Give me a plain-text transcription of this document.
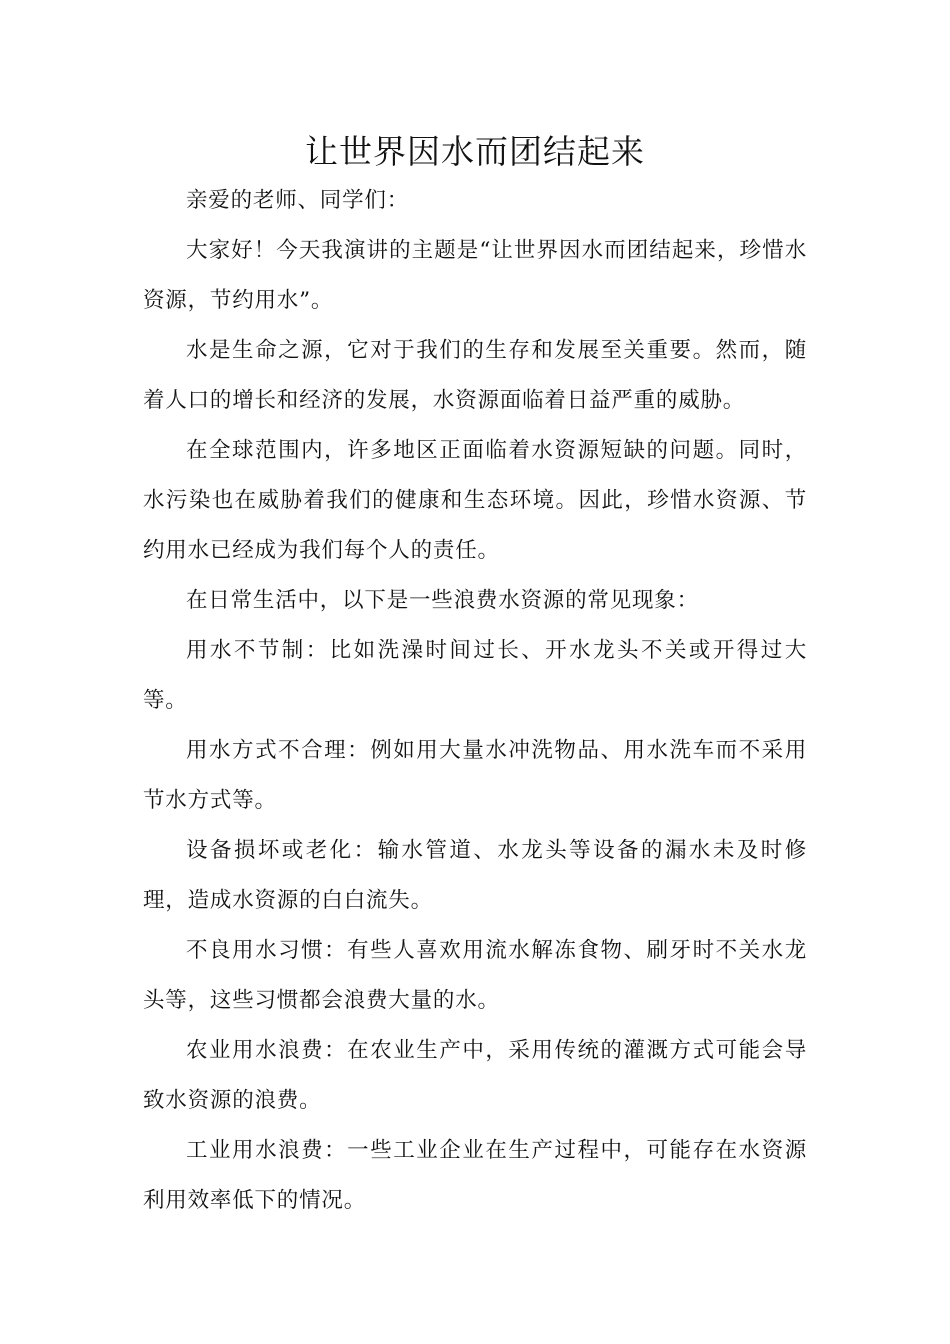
让世界因水而团结起来

亲爱的老师、同学们：

大家好！今天我演讲的主题是“让世界因水而团结起来，珍惜水资源，节约用水”。

水是生命之源，它对于我们的生存和发展至关重要。然而，随着人口的增长和经济的发展，水资源面临着日益严重的威胁。

在全球范围内，许多地区正面临着水资源短缺的问题。同时，水污染也在威胁着我们的健康和生态环境。因此，珍惜水资源、节约用水已经成为我们每个人的责任。

在日常生活中，以下是一些浪费水资源的常见现象：

用水不节制：比如洗澡时间过长、开水龙头不关或开得过大等。

用水方式不合理：例如用大量水冲洗物品、用水洗车而不采用节水方式等。

设备损坏或老化：输水管道、水龙头等设备的漏水未及时修理，造成水资源的白白流失。

不良用水习惯：有些人喜欢用流水解冻食物、刷牙时不关水龙头等，这些习惯都会浪费大量的水。

农业用水浪费：在农业生产中，采用传统的灌溉方式可能会导致水资源的浪费。

工业用水浪费：一些工业企业在生产过程中，可能存在水资源利用效率低下的情况。
